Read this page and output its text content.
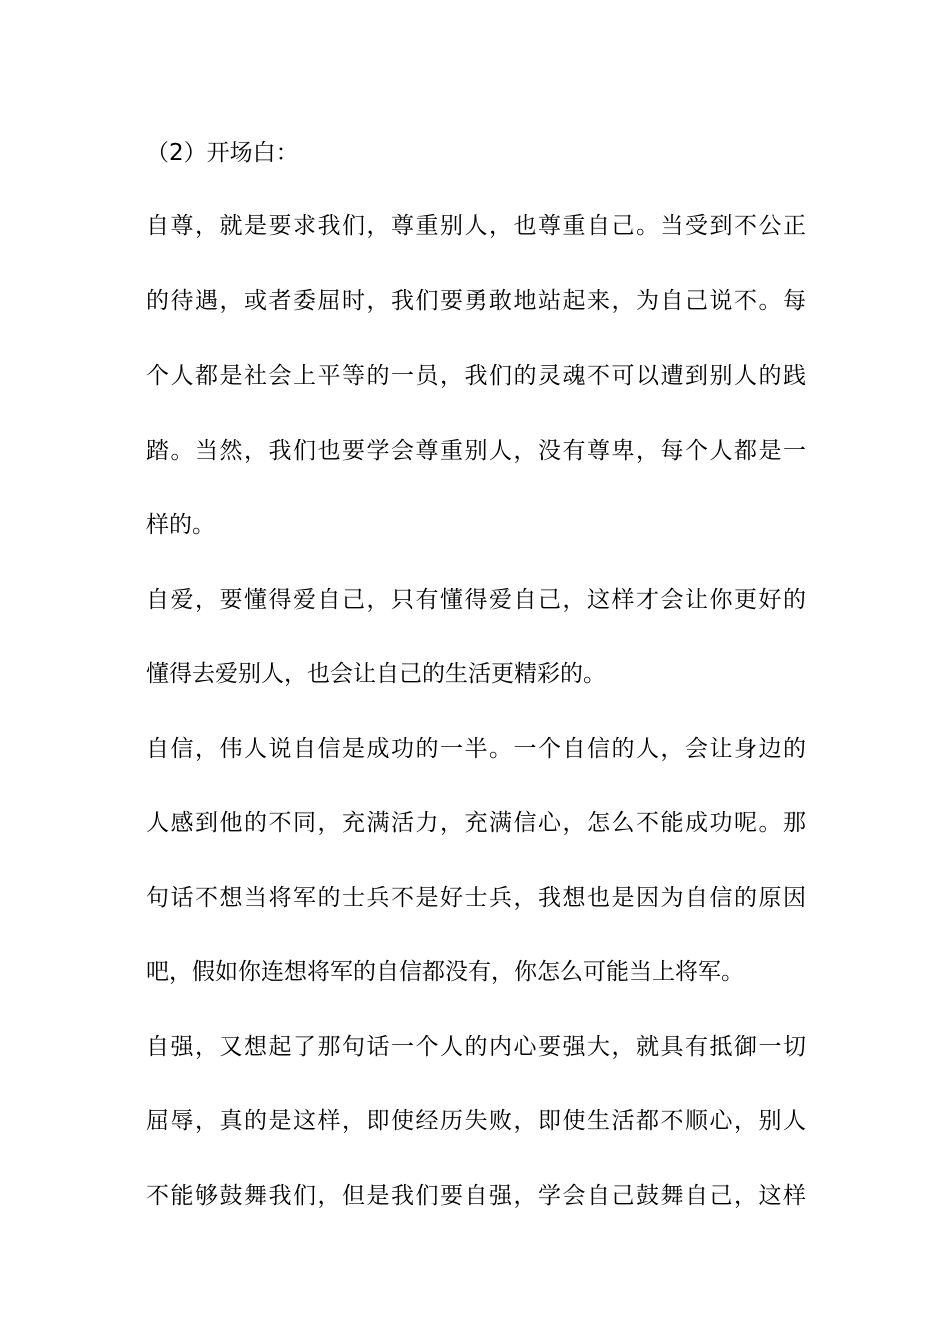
（2）开场白：
自尊，就是要求我们，尊重别人，也尊重自己。当受到不公正
的待遇，或者委屈时，我们要勇敢地站起来，为自己说不。每
个人都是社会上平等的一员，我们的灵魂不可以遭到别人的践
踏。当然，我们也要学会尊重别人，没有尊卑，每个人都是一
样的。
自爱，要懂得爱自己，只有懂得爱自己，这样才会让你更好的
懂得去爱别人，也会让自己的生活更精彩的。
自信，伟人说自信是成功的一半。一个自信的人，会让身边的
人感到他的不同，充满活力，充满信心，怎么不能成功呢。那
句话不想当将军的士兵不是好士兵，我想也是因为自信的原因
吧，假如你连想将军的自信都没有，你怎么可能当上将军。
自强，又想起了那句话一个人的内心要强大，就具有抵御一切
屈辱，真的是这样，即使经历失败，即使生活都不顺心，别人
不能够鼓舞我们，但是我们要自强，学会自己鼓舞自己，这样
